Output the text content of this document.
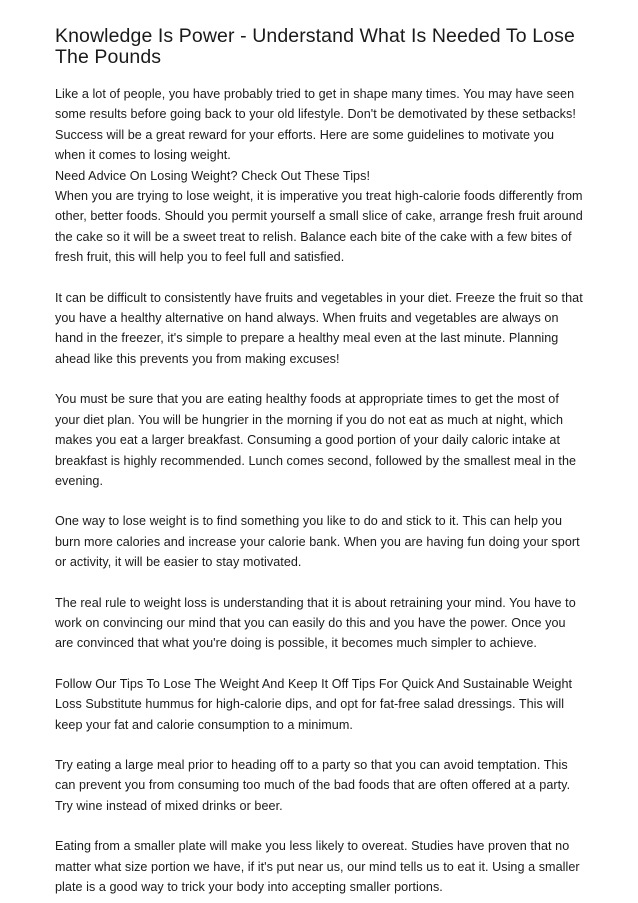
Knowledge Is Power - Understand What Is Needed To Lose The Pounds

Like a lot of people, you have probably tried to get in shape many times. You may have seen some results before going back to your old lifestyle. Don't be demotivated by these setbacks! Success will be a great reward for your efforts. Here are some guidelines to motivate you when it comes to losing weight.

Need Advice On Losing Weight? Check Out These Tips!

When you are trying to lose weight, it is imperative you treat high-calorie foods differently from other, better foods. Should you permit yourself a small slice of cake, arrange fresh fruit around the cake so it will be a sweet treat to relish. Balance each bite of the cake with a few bites of fresh fruit, this will help you to feel full and satisfied.

It can be difficult to consistently have fruits and vegetables in your diet. Freeze the fruit so that you have a healthy alternative on hand always. When fruits and vegetables are always on hand in the freezer, it's simple to prepare a healthy meal even at the last minute. Planning ahead like this prevents you from making excuses!

You must be sure that you are eating healthy foods at appropriate times to get the most of your diet plan. You will be hungrier in the morning if you do not eat as much at night, which makes you eat a larger breakfast. Consuming a good portion of your daily caloric intake at breakfast is highly recommended. Lunch comes second, followed by the smallest meal in the evening.

One way to lose weight is to find something you like to do and stick to it. This can help you burn more calories and increase your calorie bank. When you are having fun doing your sport or activity, it will be easier to stay motivated.

The real rule to weight loss is understanding that it is about retraining your mind. You have to work on convincing our mind that you can easily do this and you have the power. Once you are convinced that what you're doing is possible, it becomes much simpler to achieve.

Follow Our Tips To Lose The Weight And Keep It Off Tips For Quick And Sustainable Weight Loss Substitute hummus for high-calorie dips, and opt for fat-free salad dressings. This will keep your fat and calorie consumption to a minimum.

Try eating a large meal prior to heading off to a party so that you can avoid temptation. This can prevent you from consuming too much of the bad foods that are often offered at a party. Try wine instead of mixed drinks or beer.

Eating from a smaller plate will make you less likely to overeat. Studies have proven that no matter what size portion we have, if it's put near us, our mind tells us to eat it. Using a smaller plate is a good way to trick your body into accepting smaller portions.
